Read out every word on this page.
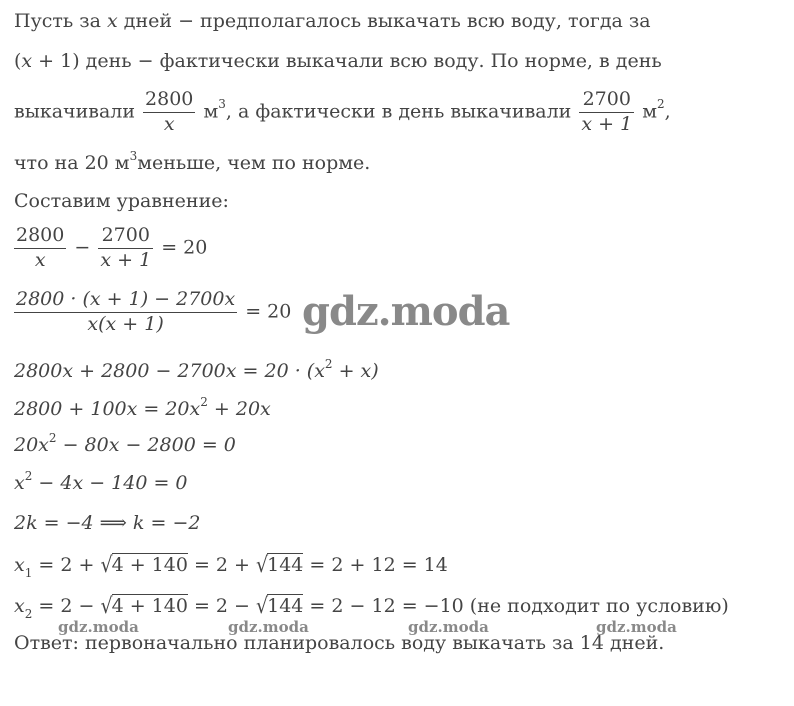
Пусть за x дней − предполагалось выкачать всю воду, тогда за
(x + 1) день − фактически выкачали всю воду. По норме, в день
выкачивали $\frac{2800}{x} м^3$, а фактически в день выкачивали $\frac{2700}{x + 1} м^2$,
что на 20 $м^3меньше$, чем по норме.
Составим уравнение:
$\frac{2800}{x} - \frac{2700}{x + 1} = 20$
$\frac{2800 \cdot (x + 1) - 2700x}{x(x + 1)} = 20$
$2800x + 2800 - 2700x = 20 \cdot (x^2 + x)$
$2800 + 100x = 20x^2 + 20x$
$20x^2 - 80x - 2800 = 0$
$x^2 - 4x - 140 = 0$
2k = −4 ⟹ k = −2
$x_1 = 2 + √4 + 140 = 2 + √144 = 2 + 12 = 14$
$x_2 = 2 - √4 + 140 = 2 - √144 = 2 - 12 = -10$ (не подходит по условию)
Ответ: первоначально планировалось воду выкачать за 14 дней.
gdz.moda
gdz.moda	gdz.moda	gdz.moda	gdz.moda
